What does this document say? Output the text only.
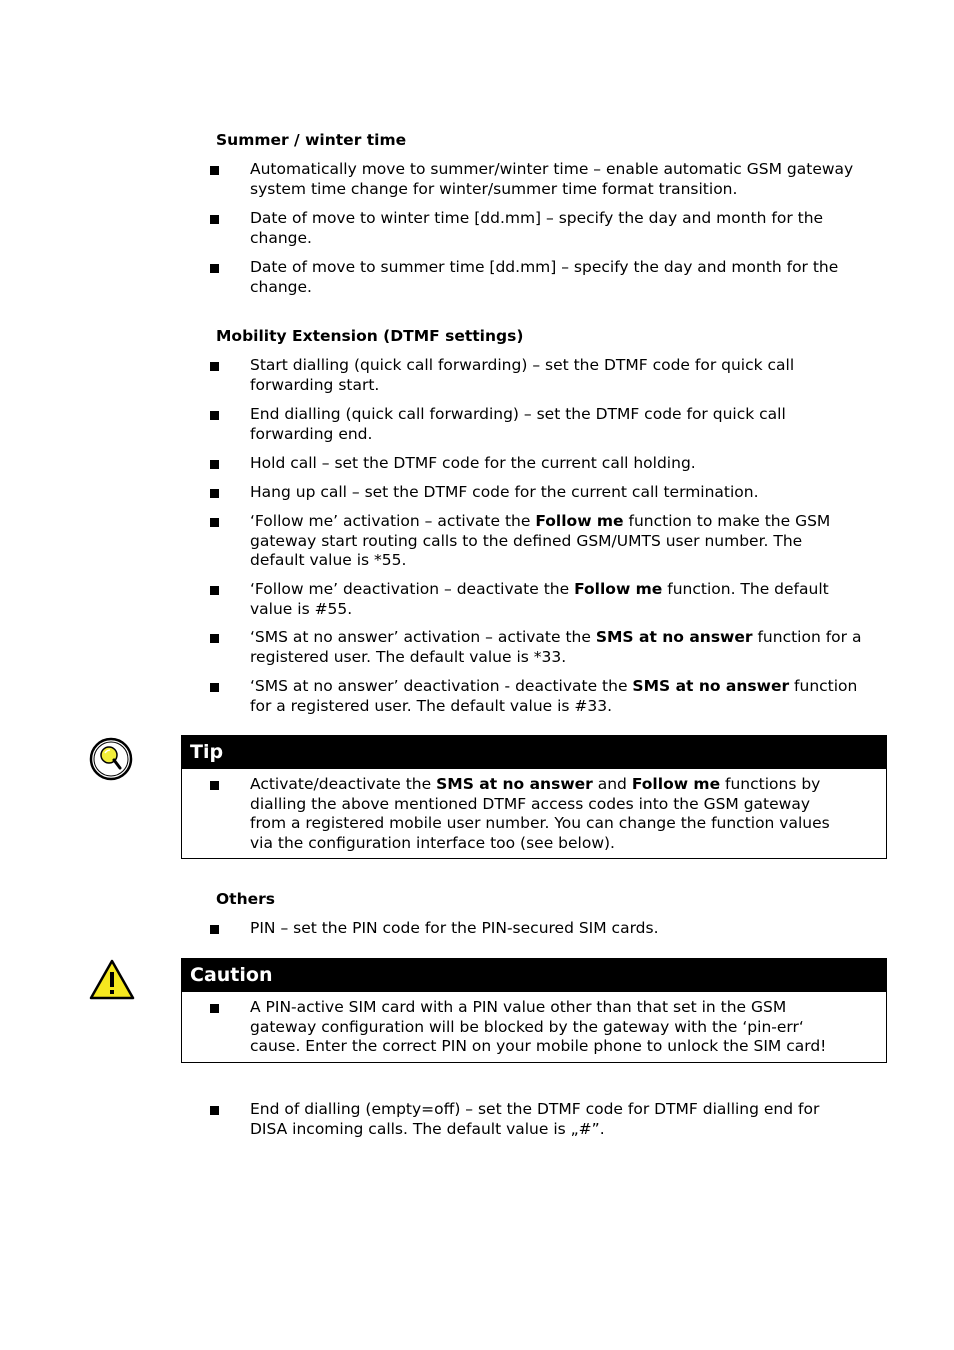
Summer / winter time
Automatically move to summer/winter time – enable automatic GSM gateway
system time change for winter/summer time format transition.
Date of move to winter time [dd.mm] – specify the day and month for the
change.
Date of move to summer time [dd.mm] – specify the day and month for the
change.
Mobility Extension (DTMF settings)
Start dialling (quick call forwarding) – set the DTMF code for quick call
forwarding start.
End dialling (quick call forwarding) – set the DTMF code for quick call
forwarding end.
Hold call – set the DTMF code for the current call holding.
Hang up call – set the DTMF code for the current call termination.
‘Follow me’ activation – activate the Follow me function to make the GSM
gateway start routing calls to the defined GSM/UMTS user number. The
default value is *55.
‘Follow me’ deactivation – deactivate the Follow me function. The default
value is #55.
‘SMS at no answer’ activation – activate the SMS at no answer function for a
registered user. The default value is *33.
‘SMS at no answer’ deactivation - deactivate the SMS at no answer function
for a registered user. The default value is #33.
Tip
Activate/deactivate the SMS at no answer and Follow me functions by
dialling the above mentioned DTMF access codes into the GSM gateway
from a registered mobile user number. You can change the function values
via the configuration interface too (see below).
Others
PIN – set the PIN code for the PIN-secured SIM cards.
Caution
A PIN-active SIM card with a PIN value other than that set in the GSM
gateway configuration will be blocked by the gateway with the ‘pin-err‘
cause. Enter the correct PIN on your mobile phone to unlock the SIM card!
End of dialling (empty=off) – set the DTMF code for DTMF dialling end for
DISA incoming calls. The default value is „#”.
